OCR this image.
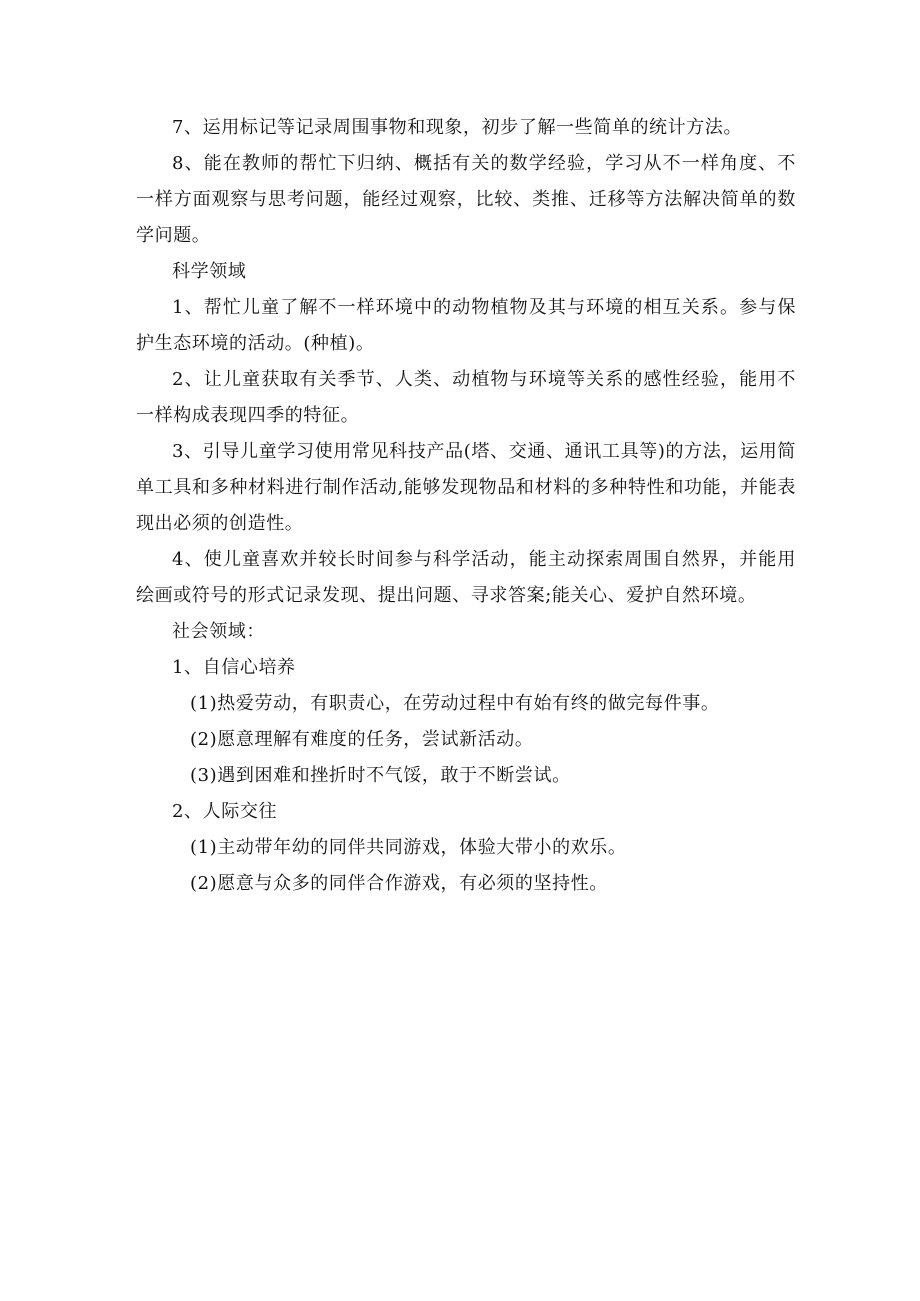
7、运用标记等记录周围事物和现象，初步了解一些简单的统计方法。

8、能在教师的帮忙下归纳、概括有关的数学经验，学习从不一样角度、不一样方面观察与思考问题，能经过观察，比较、类推、迁移等方法解决简单的数学问题。

科学领域

1、帮忙儿童了解不一样环境中的动物植物及其与环境的相互关系。参与保护生态环境的活动。(种植)。

2、让儿童获取有关季节、人类、动植物与环境等关系的感性经验，能用不一样构成表现四季的特征。

3、引导儿童学习使用常见科技产品(塔、交通、通讯工具等)的方法，运用简单工具和多种材料进行制作活动,能够发现物品和材料的多种特性和功能，并能表现出必须的创造性。

4、使儿童喜欢并较长时间参与科学活动，能主动探索周围自然界，并能用绘画或符号的形式记录发现、提出问题、寻求答案;能关心、爱护自然环境。

社会领域：

1、自信心培养

(1)热爱劳动，有职责心，在劳动过程中有始有终的做完每件事。

(2)愿意理解有难度的任务，尝试新活动。

(3)遇到困难和挫折时不气馁，敢于不断尝试。

2、人际交往

(1)主动带年幼的同伴共同游戏，体验大带小的欢乐。

(2)愿意与众多的同伴合作游戏，有必须的坚持性。
